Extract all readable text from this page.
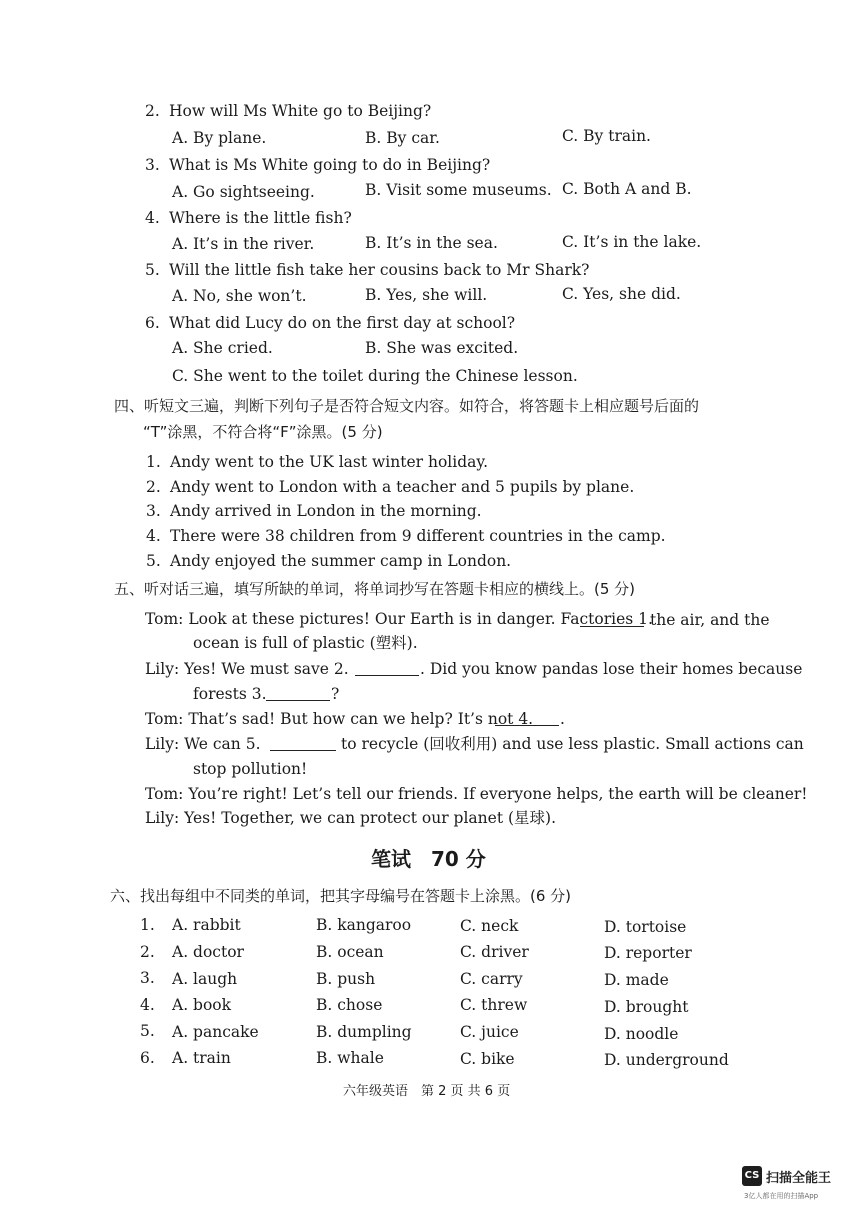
2. How will Ms White go to Beijing?
A. By plane.	B. By car.	C. By train.
3. What is Ms White going to do in Beijing?
A. Go sightseeing.	B. Visit some museums. C. Both A and B.
4. Where is the little fish?
A. It’s in the river.	B. It’s in the sea.	C. It’s in the lake.
5. Will the little fish take her cousins back to Mr Shark?
A. No, she won’t.	B. Yes, she will.	C. Yes, she did.
6. What did Lucy do on the first day at school?
A. She cried.	B. She was excited.
C. She went to the toilet during the Chinese lesson.
四、听短文三遍，判断下列句子是否符合短文内容。如符合，将答题卡上相应题号后面的
“T”涂黑，不符合将“F”涂黑。(5 分)
1. Andy went to the UK last winter holiday.
2. Andy went to London with a teacher and 5 pupils by plane.
3. Andy arrived in London in the morning.
4. There were 38 children from 9 different countries in the camp.
5. Andy enjoyed the summer camp in London.
五、听对话三遍，填写所缺的单词，将单词抄写在答题卡相应的横线上。(5 分)
Tom: Look at these pictures! Our Earth is in danger. Factories 1.
the air, and the
ocean is full of plastic (塑料).
Lily: Yes! We must save 2.	. Did you know pandas lose their homes because
forests 3.	?
Tom: That’s sad! But how can we help? It’s not 4. .
Lily: We can 5.	to recycle (回收利用) and use less plastic. Small actions can
stop pollution!
Tom: You’re right! Let’s tell our friends. If everyone helps, the earth will be cleaner!
Lily: Yes! Together, we can protect our planet (星球).
笔试　70 分
六、找出每组中不同类的单词，把其字母编号在答题卡上涂黑。(6 分)
1. A. rabbit	B. kangaroo	C. neck	D. tortoise
2. A. doctor	B. ocean	C. driver	D. reporter
3. A. laugh	B. push	C. carry	D. made
4. A. book	B. chose	C. threw	D. brought
5. A. pancake	B. dumpling	C. juice	D. noodle
6. A. train	B. whale	C. bike	D. underground
六年级英语　第 2 页 共 6 页
CS 扫描全能王
3亿人都在用的扫描App
